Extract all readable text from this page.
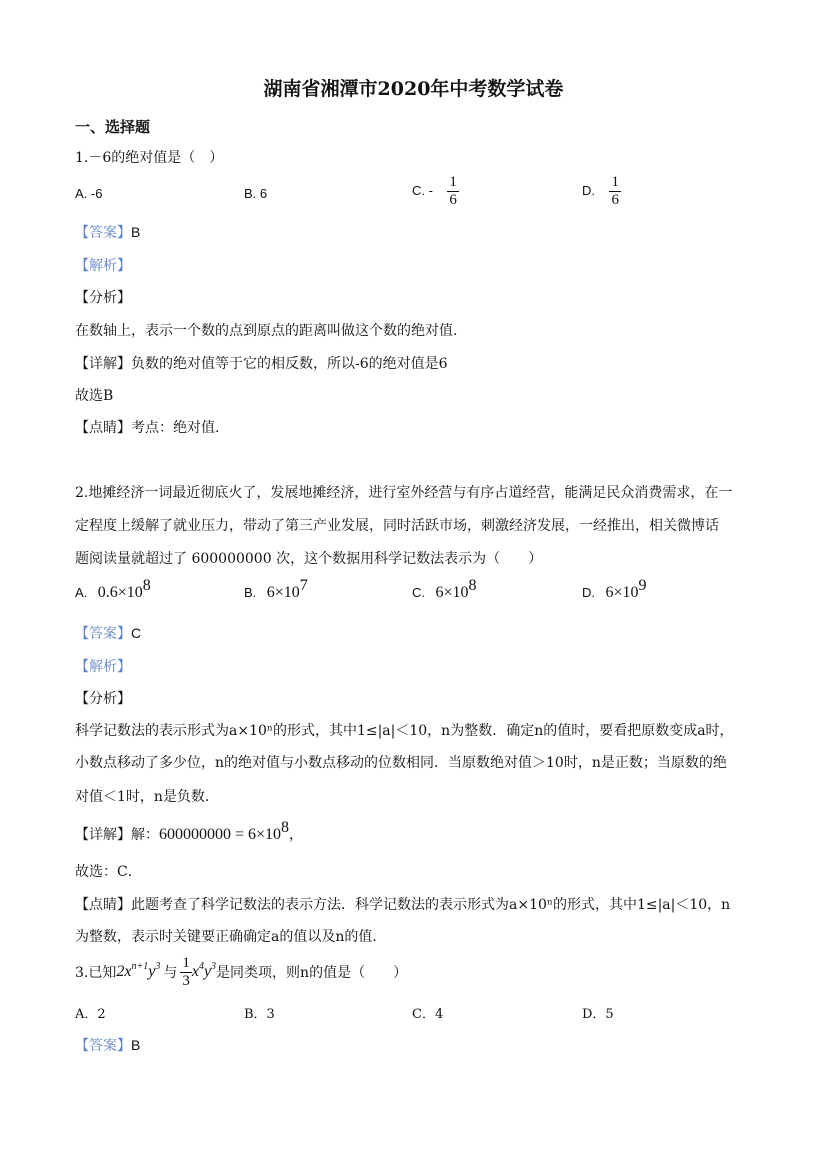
湖南省湘潭市2020年中考数学试卷
一、选择题
1.－6的绝对值是（　）
A. -6	B. 6	C. - $\frac{1}{6}$	D. $\frac{1}{6}$
【答案】B
【解析】
【分析】
在数轴上，表示一个数的点到原点的距离叫做这个数的绝对值.
【详解】负数的绝对值等于它的相反数，所以-6的绝对值是6
故选B
【点睛】考点：绝对值.
2.地摊经济一词最近彻底火了，发展地摊经济，进行室外经营与有序占道经营，能满足民众消费需求，在一
定程度上缓解了就业压力，带动了第三产业发展，同时活跃市场，刺激经济发展，一经推出，相关微博话
题阅读量就超过了 600000000 次，这个数据用科学记数法表示为（　　）
A. $0.6\times 10^8$	B. $6\times 10^7$	C. $6\times 10^8$	D. $6\times 10^9$
【答案】C
【解析】
【分析】
科学记数法的表示形式为a×10ⁿ的形式，其中1≤|a|＜10，n为整数．确定n的值时，要看把原数变成a时，
小数点移动了多少位，n的绝对值与小数点移动的位数相同．当原数绝对值＞10时，n是正数；当原数的绝
对值＜1时，n是负数．
【详解】解：$600000000 = 6\times 10^8$，
故选：C．
【点睛】此题考查了科学记数法的表示方法．科学记数法的表示形式为a×10ⁿ的形式，其中1≤|a|＜10，n
为整数，表示时关键要正确确定a的值以及n的值.
3.已知 $2x^{n+1}y^3$ 与 $\frac{1}{3} x^4y^3$ 是同类项，则n的值是（　　）
A．2	B．3	C．4	D．5
【答案】B
